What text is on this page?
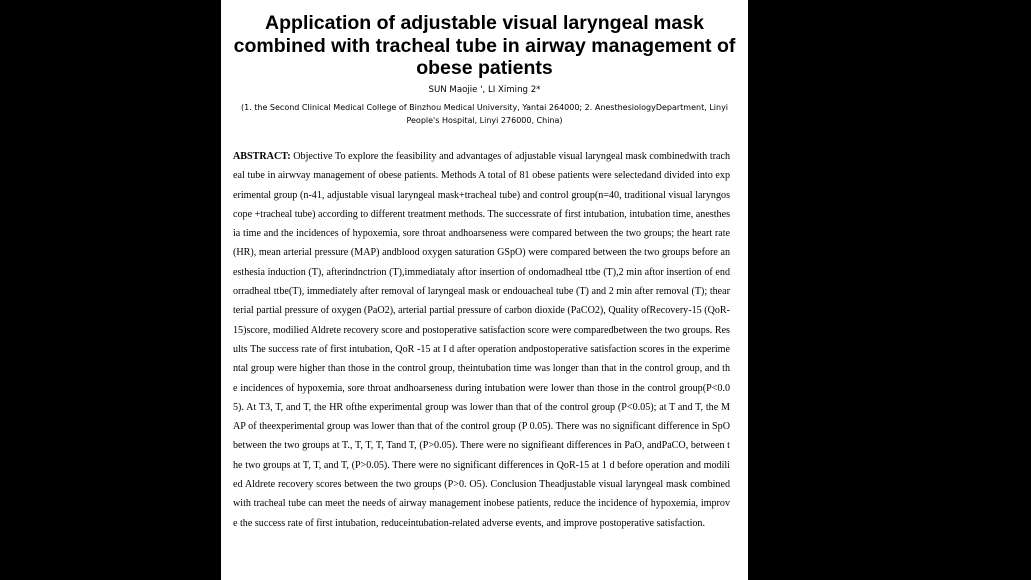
Application of adjustable visual laryngeal mask combined with tracheal tube in airway management of obese patients
SUN Maojie ', LI Ximing 2*
(1. the Second Clinical Medical College of Binzhou Medical University, Yantai 264000; 2. AnesthesiologyDepartment, Linyi People's Hospital, Linyi 276000, China)

ABSTRACT: Objective To explore the feasibility and advantages of adjustable visual laryngeal mask combinedwith tracheal tube in airwvay management of obese patients. Methods A total of 81 obese patients were selectedand divided into experimental group (n-41, adjustable visual laryngeal mask+tracheal tube) and control group(n=40, traditional visual laryngoscope +tracheal tube) according to different treatment methods. The successrate of first intubation, intubation time, anesthesia time and the incidences of hypoxemia, sore throat andhoarseness were compared between the two groups; the heart rate (HR), mean arterial pressure (MAP) andblood oxygen saturation GSpO) were compared between the two groups before anesthesia induction (T), afterindnctrion (T),immediataly aftor insertion of ondomadheal ttbe (T),2 min aftor insertion of endorradheal ttbe(T), immediately after removal of laryngeal mask or endouacheal tube (T) and 2 min after removal (T); thearterial partial pressure of oxygen (PaO2), arterial partial pressure of carbon dioxide (PaCO2), Quality ofRecovery-15 (QoR-15)score, modilied Aldrete recovery score and postoperative satisfaction score were comparedbetween the two groups. Results The success rate of first intubation, QoR -15 at I d after operation andpostoperative satisfaction scores in the experimental group were higher than those in the control group, theintubation time was longer than that in the control group, and the incidences of hypoxemia, sore throat andhoarseness during intubation were lower than those in the control group(P<0.05). At T3, T, and T, the HR ofthe experimental group was lower than that of the control group (P<0.05); at T and T, the MAP of theexperimental group was lower than that of the control group (P 0.05). There was no significant difference in SpObetween the two groups at T., T, T, T, Tand T, (P>0.05). There were no signifieant differences in PaO, andPaCO, between the two groups at T, T, and T, (P>0.05). There were no significant differences in QoR-15 at 1 d before operation and modilied Aldrete recovery scores between the two groups (P>0. O5). Conclusion Theadjustable visual laryngeal mask combined with tracheal tube can meet the needs of airway management inobese patients, reduce the incidence of hypoxemia, improve the success rate of first intubation, reduceintubation-related adverse events, and improve postoperative satisfaction.
